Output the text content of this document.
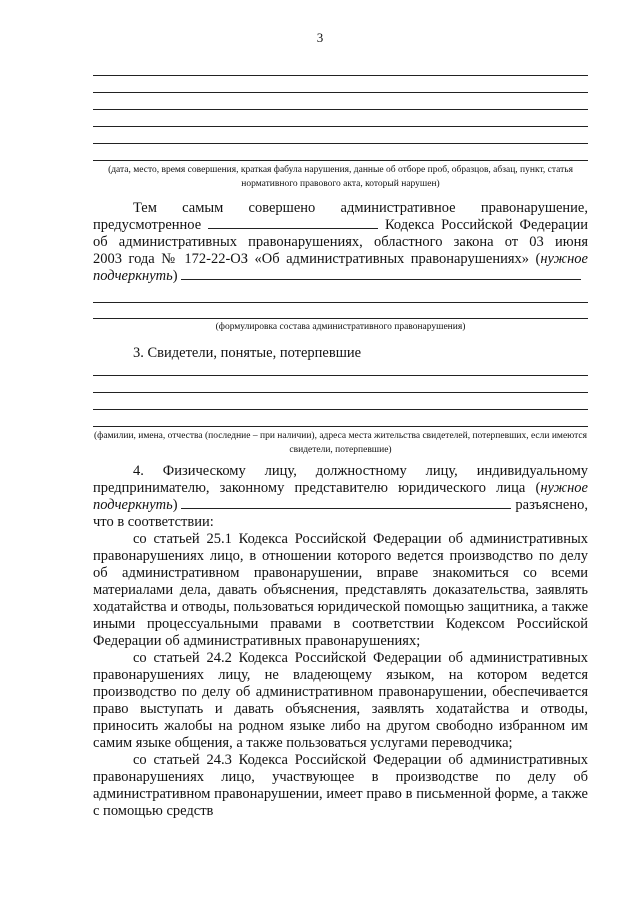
3
(дата, место, время совершения, краткая фабула нарушения, данные об отборе проб, образцов, абзац, пункт, статья нормативного правового акта, который нарушен)
Тем самым совершено административное правонарушение,
предусмотренное	Кодекса Российской Федерации
об административных правонарушениях, областного закона от 03 июня
2003 года № 172-22-ОЗ «Об административных правонарушениях» (нужное
подчеркнуть)
(формулировка состава административного правонарушения)
3. Свидетели, понятые, потерпевшие
(фамилии, имена, отчества (последние – при наличии), адреса места жительства свидетелей, потерпевших, если имеются свидетели, потерпевшие)
4. Физическому лицу, должностному лицу, индивидуальному
предпринимателю, законному представителю юридического лица (нужное
подчеркнуть)	разъяснено,
что в соответствии:
со статьей 25.1 Кодекса Российской Федерации об административных правонарушениях лицо, в отношении которого ведется производство по делу об административном правонарушении, вправе знакомиться со всеми материалами дела, давать объяснения, представлять доказательства, заявлять ходатайства и отводы, пользоваться юридической помощью защитника, а также иными процессуальными правами в соответствии Кодексом Российской Федерации об административных правонарушениях;
со статьей 24.2 Кодекса Российской Федерации об административных правонарушениях лицу, не владеющему языком, на котором ведется производство по делу об административном правонарушении, обеспечивается право выступать и давать объяснения, заявлять ходатайства и отводы, приносить жалобы на родном языке либо на другом свободно избранном им самим языке общения, а также пользоваться услугами переводчика;
со статьей 24.3 Кодекса Российской Федерации об административных правонарушениях лицо, участвующее в производстве по делу об административном правонарушении, имеет право в письменной форме, а также с помощью средств
